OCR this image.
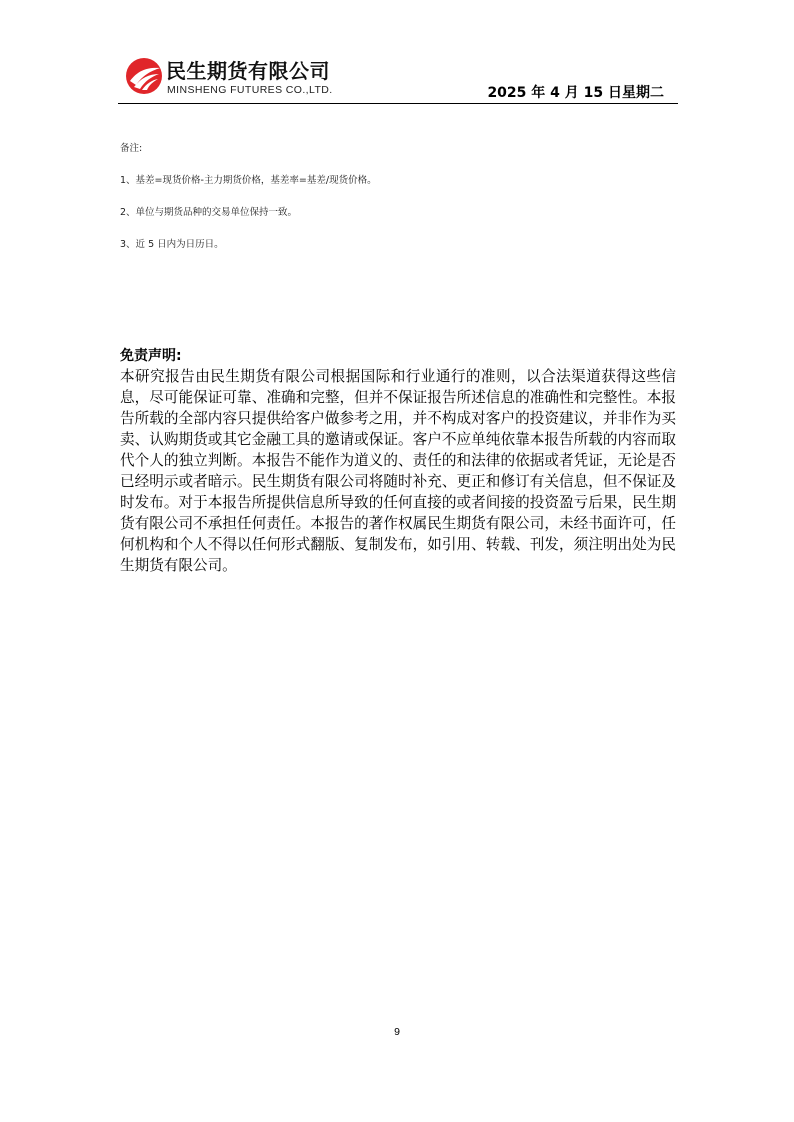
民生期货有限公司
MINSHENG FUTURES CO.,LTD.	2025 年 4 月 15 日星期二
备注:
1、基差=现货价格-主力期货价格，基差率=基差/现货价格。
2、单位与期货品种的交易单位保持一致。
3、近 5 日内为日历日。

免责声明:

本研究报告由民生期货有限公司根据国际和行业通行的准则，以合法渠道获得这些信息，尽可能保证可靠、准确和完整，但并不保证报告所述信息的准确性和完整性。本报告所载的全部内容只提供给客户做参考之用，并不构成对客户的投资建议，并非作为买卖、认购期货或其它金融工具的邀请或保证。客户不应单纯依靠本报告所载的内容而取代个人的独立判断。本报告不能作为道义的、责任的和法律的依据或者凭证，无论是否已经明示或者暗示。民生期货有限公司将随时补充、更正和修订有关信息，但不保证及时发布。对于本报告所提供信息所导致的任何直接的或者间接的投资盈亏后果，民生期货有限公司不承担任何责任。本报告的著作权属民生期货有限公司，未经书面许可，任何机构和个人不得以任何形式翻版、复制发布，如引用、转载、刊发，须注明出处为民生期货有限公司。

9
